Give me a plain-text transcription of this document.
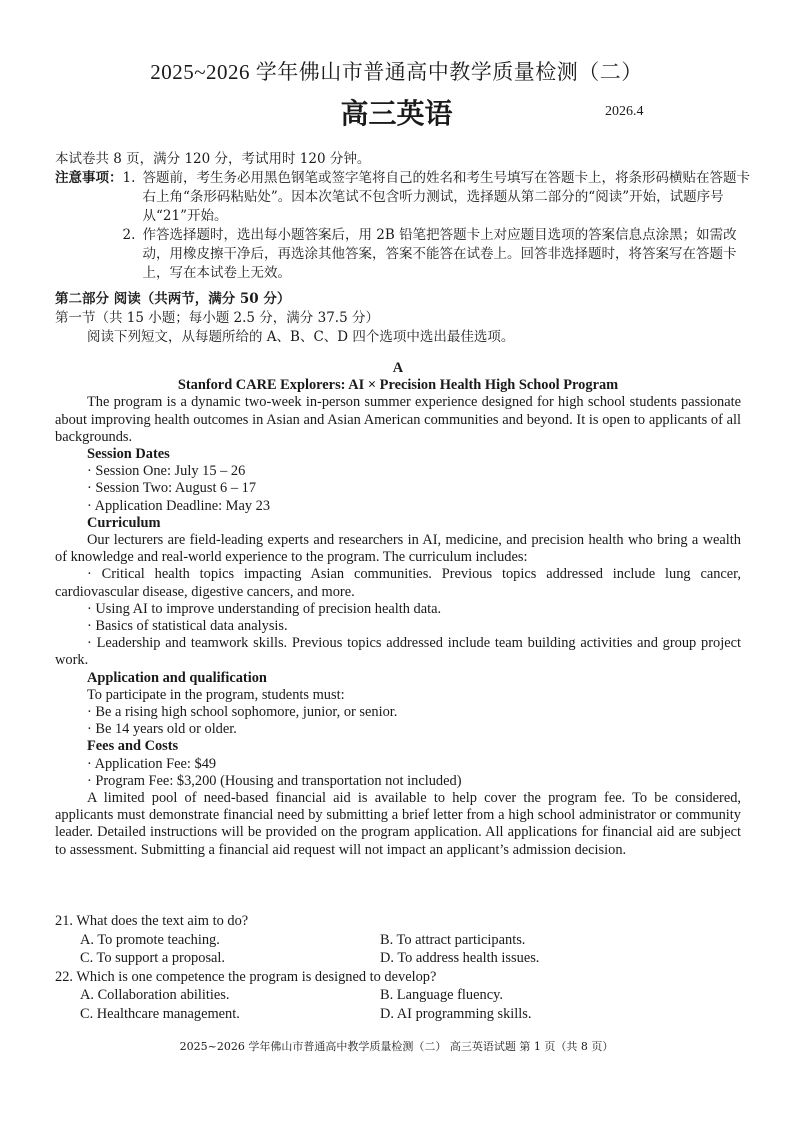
2025~2026 学年佛山市普通高中教学质量检测（二）
高三英语	2026.4
本试卷共 8 页，满分 120 分，考试用时 120 分钟。
注意事项： 1. 答题前，考生务必用黑色钢笔或签字笔将自己的姓名和考生号填写在答题卡上，将条形码横贴在答题卡右上角“条形码粘贴处”。因本次笔试不包含听力测试，选择题从第二部分的“阅读”开始，试题序号从“21”开始。
2. 作答选择题时，选出每小题答案后，用 2B 铅笔把答题卡上对应题目选项的答案信息点涂黑；如需改动，用橡皮擦干净后，再选涂其他答案，答案不能答在试卷上。回答非选择题时，将答案写在答题卡上，写在本试卷上无效。
第二部分 阅读（共两节，满分 50 分）
第一节（共 15 小题；每小题 2.5 分，满分 37.5 分）
阅读下列短文，从每题所给的 A、B、C、D 四个选项中选出最佳选项。

A

Stanford CARE Explorers: AI × Precision Health High School Program

The program is a dynamic two-week in-person summer experience designed for high school students passionate about improving health outcomes in Asian and Asian American communities and beyond. It is open to applicants of all backgrounds.

Session Dates

· Session One: July 15 – 26

· Session Two: August 6 – 17

· Application Deadline: May 23

Curriculum

Our lecturers are field-leading experts and researchers in AI, medicine, and precision health who bring a wealth of knowledge and real-world experience to the program. The curriculum includes:

· Critical health topics impacting Asian communities. Previous topics addressed include lung cancer, cardiovascular disease, digestive cancers, and more.

· Using AI to improve understanding of precision health data.

· Basics of statistical data analysis.

· Leadership and teamwork skills. Previous topics addressed include team building activities and group project work.

Application and qualification

To participate in the program, students must:

· Be a rising high school sophomore, junior, or senior.

· Be 14 years old or older.

Fees and Costs

· Application Fee: $49

· Program Fee: $3,200 (Housing and transportation not included)

A limited pool of need-based financial aid is available to help cover the program fee. To be considered, applicants must demonstrate financial need by submitting a brief letter from a high school administrator or community leader. Detailed instructions will be provided on the program application. All applications for financial aid are subject to assessment. Submitting a financial aid request will not impact an applicant’s admission decision.

21. What does the text aim to do?
A. To promote teaching.	B. To attract participants.
C. To support a proposal.	D. To address health issues.
22. Which is one competence the program is designed to develop?
A. Collaboration abilities.	B. Language fluency.
C. Healthcare management.	D. AI programming skills.
2025~2026 学年佛山市普通高中教学质量检测（二） 高三英语试题 第 1 页（共 8 页）
